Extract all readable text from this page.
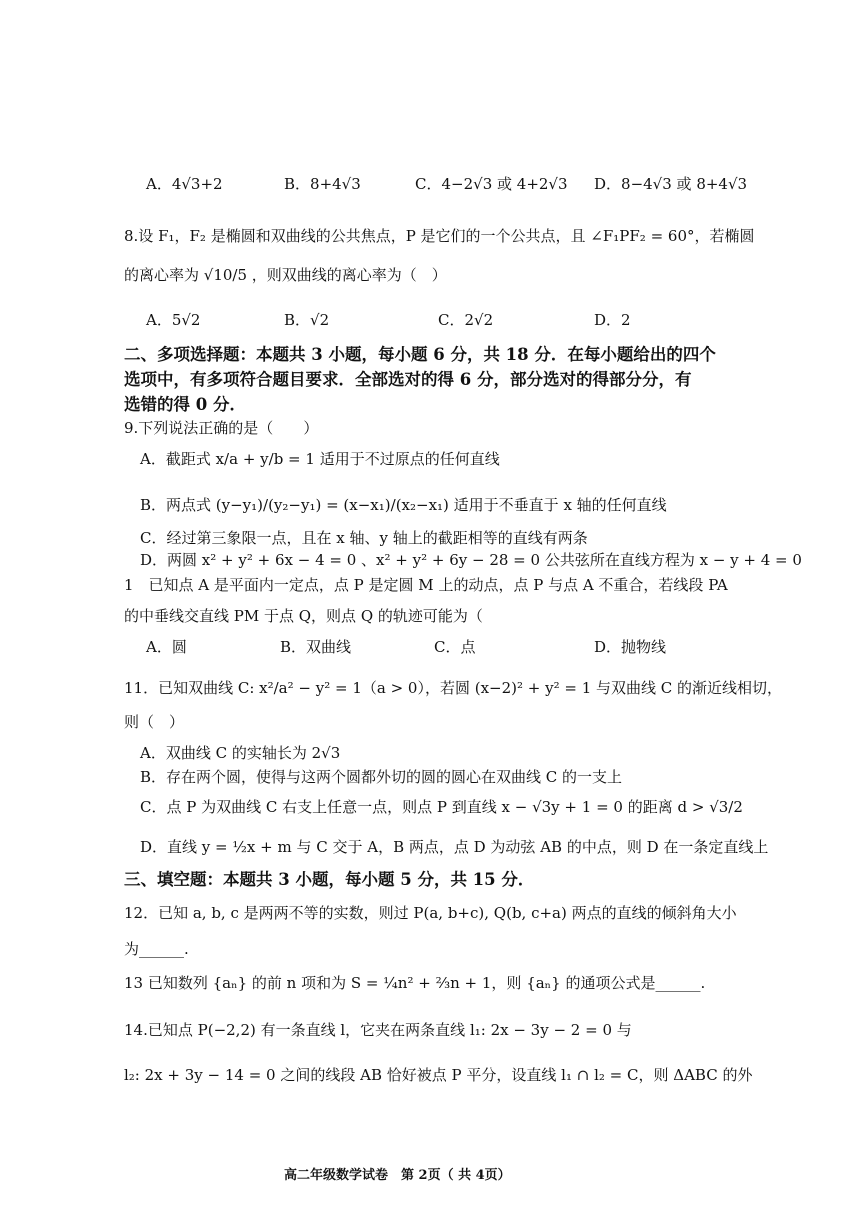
A．4√3+2	B．8+4√3	C．4−2√3 或 4+2√3 D．8−4√3 或 8+4√3
8.设 F₁，F₂ 是椭圆和双曲线的公共焦点，P 是它们的一个公共点，且 ∠F₁PF₂ = 60°，若椭圆
的离心率为 √10/5 ，则双曲线的离心率为（　）
A．5√2	B．√2	C．2√2	D．2
二、多项选择题：本题共 3 小题，每小题 6 分，共 18 分．在每小题给出的四个
选项中，有多项符合题目要求．全部选对的得 6 分，部分选对的得部分分，有
选错的得 0 分．
9.下列说法正确的是（　　）
A．截距式 x/a + y/b = 1 适用于不过原点的任何直线
B．两点式 (y−y₁)/(y₂−y₁) = (x−x₁)/(x₂−x₁) 适用于不垂直于 x 轴的任何直线
C．经过第三象限一点，且在 x 轴、y 轴上的截距相等的直线有两条
D．两圆 x² + y² + 6x − 4 = 0 、x² + y² + 6y − 28 = 0 公共弦所在直线方程为 x − y + 4 = 0
1　已知点 A 是平面内一定点，点 P 是定圆 M 上的动点，点 P 与点 A 不重合，若线段 PA
的中垂线交直线 PM 于点 Q，则点 Q 的轨迹可能为（
A．圆	B．双曲线	C．点	D．抛物线
11．已知双曲线 C: x²/a² − y² = 1（a > 0），若圆 (x−2)² + y² = 1 与双曲线 C 的渐近线相切，
则（　）
A．双曲线 C 的实轴长为 2√3
B．存在两个圆，使得与这两个圆都外切的圆的圆心在双曲线 C 的一支上
C．点 P 为双曲线 C 右支上任意一点，则点 P 到直线 x − √3y + 1 = 0 的距离 d > √3/2
D．直线 y = ½x + m 与 C 交于 A，B 两点，点 D 为动弦 AB 的中点，则 D 在一条定直线上
三、填空题：本题共 3 小题，每小题 5 分，共 15 分．
12．已知 a, b, c 是两两不等的实数，则过 P(a, b+c), Q(b, c+a) 两点的直线的倾斜角大小
为______.
13 已知数列 {aₙ} 的前 n 项和为 S = ¼n² + ⅔n + 1，则 {aₙ} 的通项公式是______.
14.已知点 P(−2,2) 有一条直线 l，它夹在两条直线 l₁: 2x − 3y − 2 = 0 与
l₂: 2x + 3y − 14 = 0 之间的线段 AB 恰好被点 P 平分，设直线 l₁ ∩ l₂ = C，则 ΔABC 的外
高二年级数学试卷　第 2页（ 共 4页）
